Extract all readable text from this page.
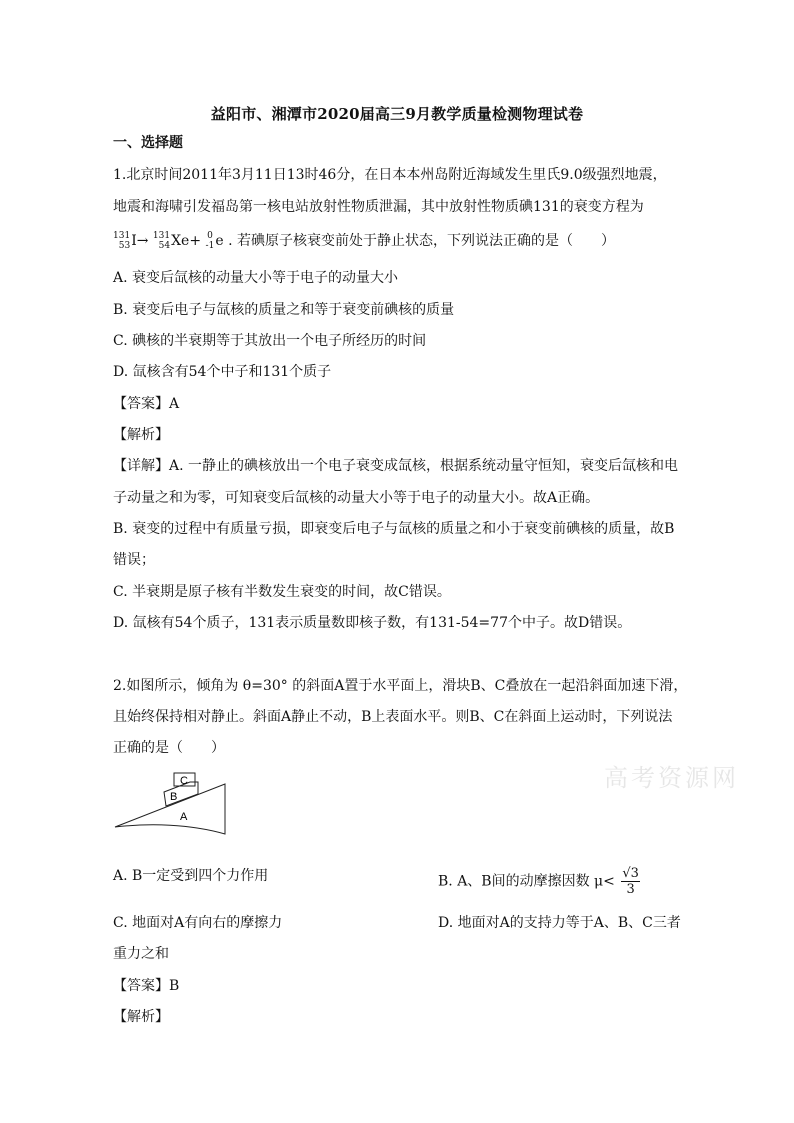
益阳市、湘潭市2020届高三9月教学质量检测物理试卷
一、选择题
1.北京时间2011年3月11日13时46分，在日本本州岛附近海域发生里氏9.0级强烈地震，
地震和海啸引发福岛第一核电站放射性物质泄漏，其中放射性物质碘131的衰变方程为
131
53 I→ 131
54 Xe+ 0
-1 e . 若碘原子核衰变前处于静止状态，下列说法正确的是（　　）
A. 衰变后氙核的动量大小等于电子的动量大小
B. 衰变后电子与氙核的质量之和等于衰变前碘核的质量
C. 碘核的半衰期等于其放出一个电子所经历的时间
D. 氙核含有54个中子和131个质子
【答案】A
【解析】
【详解】A. 一静止的碘核放出一个电子衰变成氙核，根据系统动量守恒知，衰变后氙核和电
子动量之和为零，可知衰变后氙核的动量大小等于电子的动量大小。故A正确。
B. 衰变的过程中有质量亏损，即衰变后电子与氙核的质量之和小于衰变前碘核的质量，故B
错误；
C. 半衰期是原子核有半数发生衰变的时间，故C错误。
D. 氙核有54个质子，131表示质量数即核子数，有131-54=77个中子。故D错误。
2.如图所示，倾角为 θ=30° 的斜面A置于水平面上，滑块B、C叠放在一起沿斜面加速下滑，
且始终保持相对静止。斜面A静止不动，B上表面水平。则B、C在斜面上运动时，下列说法
正确的是（　　）
A
B
C	高考资源网
A. B一定受到四个力作用	B. A、B间的动摩擦因数 $\mu< \frac{√3}{3}$
C. 地面对A有向右的摩擦力	D. 地面对A的支持力等于A、B、C三者
重力之和
【答案】B
【解析】
